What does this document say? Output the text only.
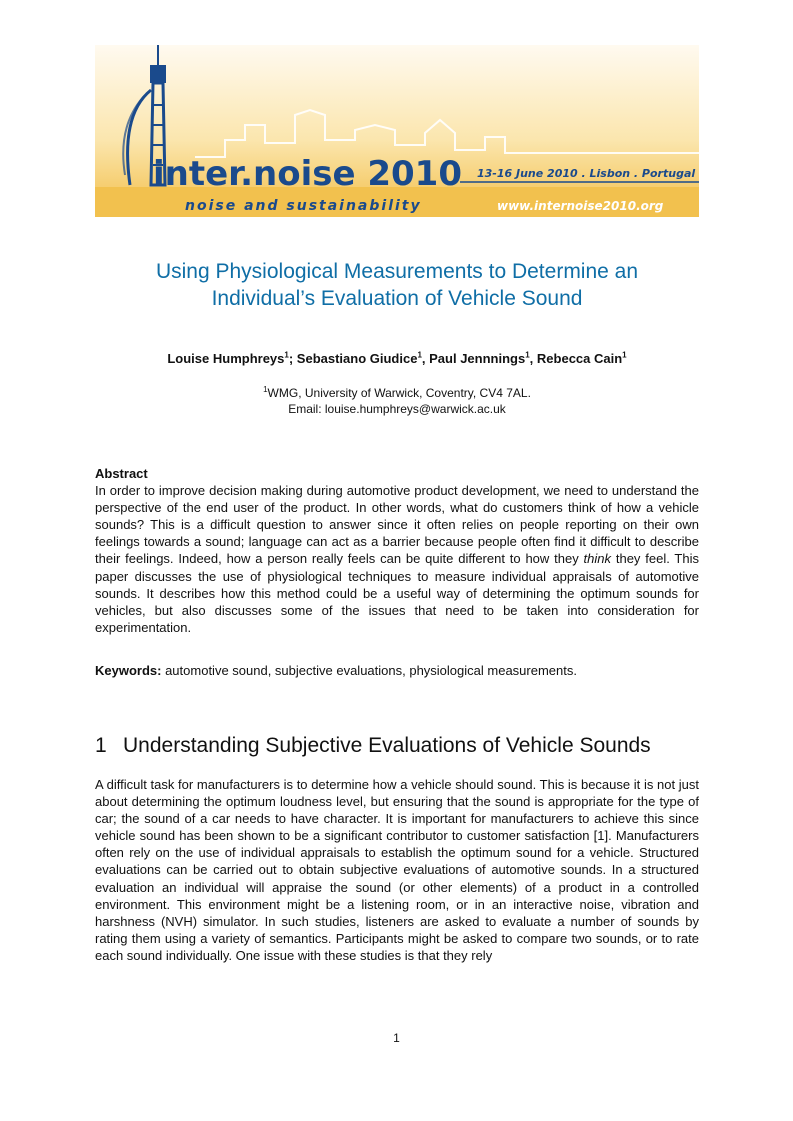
inter.noise 2010
noise and sustainability
13-16 June 2010 . Lisbon . Portugal
www.internoise2010.org
Using Physiological Measurements to Determine an
Individual’s Evaluation of Vehicle Sound
Louise Humphreys$^1$; Sebastiano Giudice$^1$, Paul Jennnings$^1$, Rebecca Cain$^1$
$^1$WMG, University of Warwick, Coventry, CV4 7AL.
Email: louise.humphreys@warwick.ac.uk
Abstract
In order to improve decision making during automotive product development, we need to understand the perspective of the end user of the product. In other words, what do customers think of how a vehicle sounds? This is a difficult question to answer since it often relies on people reporting on their own feelings towards a sound; language can act as a barrier because people often find it difficult to describe their feelings. Indeed, how a person really feels can be quite different to how they think they feel. This paper discusses the use of physiological techniques to measure individual appraisals of automotive sounds. It describes how this method could be a useful way of determining the optimum sounds for vehicles, but also discusses some of the issues that need to be taken into consideration for experimentation.
Keywords: automotive sound, subjective evaluations, physiological measurements.
1 Understanding Subjective Evaluations of Vehicle Sounds
A difficult task for manufacturers is to determine how a vehicle should sound. This is because it is not just about determining the optimum loudness level, but ensuring that the sound is appropriate for the type of car; the sound of a car needs to have character. It is important for manufacturers to achieve this since vehicle sound has been shown to be a significant contributor to customer satisfaction [1]. Manufacturers often rely on the use of individual appraisals to establish the optimum sound for a vehicle. Structured evaluations can be carried out to obtain subjective evaluations of automotive sounds. In a structured evaluation an individual will appraise the sound (or other elements) of a product in a controlled environment. This environment might be a listening room, or in an interactive noise, vibration and harshness (NVH) simulator. In such studies, listeners are asked to evaluate a number of sounds by rating them using a variety of semantics. Participants might be asked to compare two sounds, or to rate each sound individually. One issue with these studies is that they rely
1
